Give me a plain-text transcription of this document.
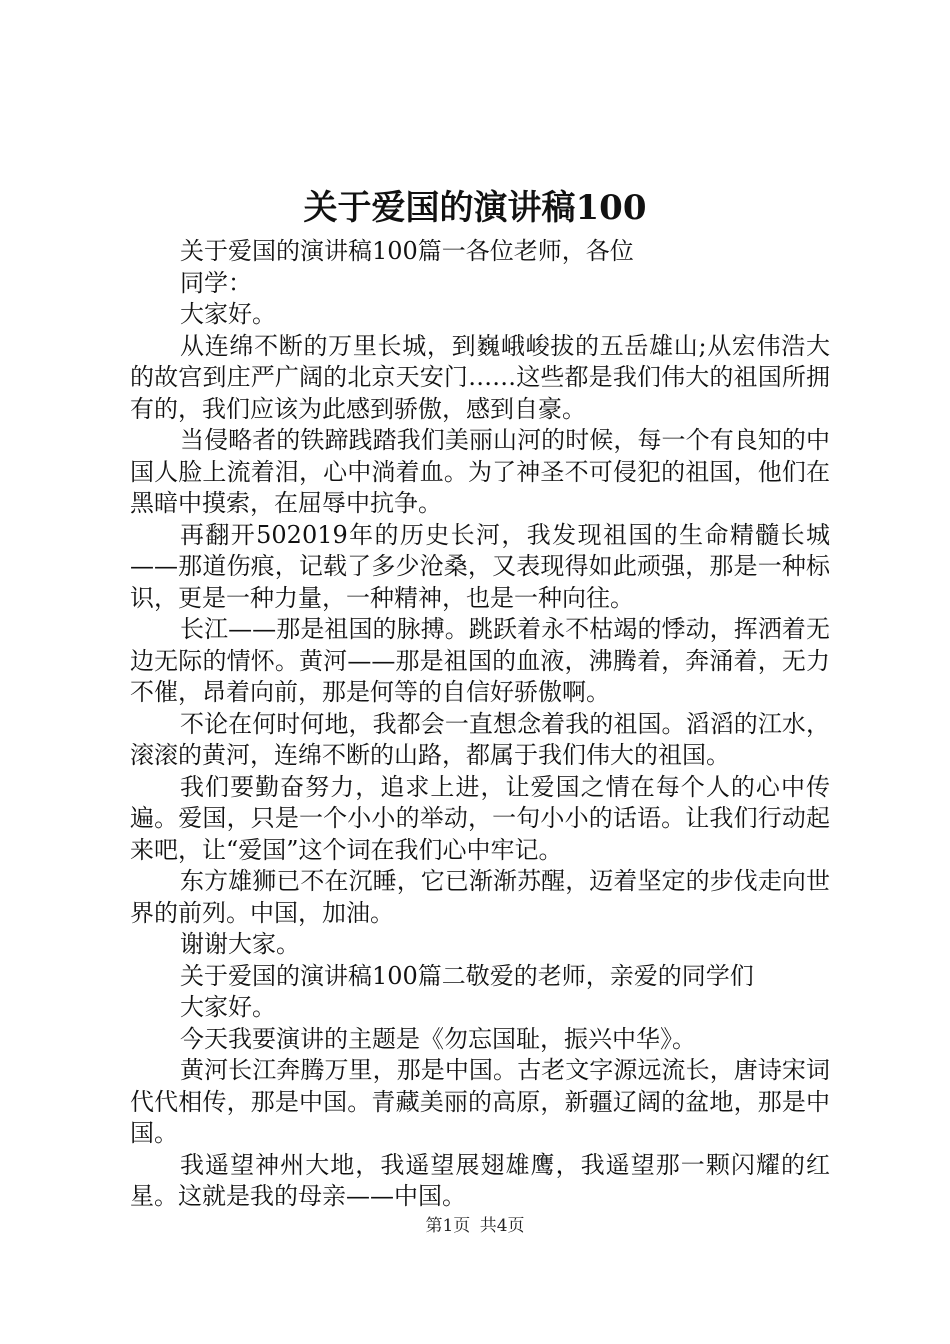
关于爱国的演讲稿100

关于爱国的演讲稿100篇一各位老师，各位

同学：

大家好。

从连绵不断的万里长城，到巍峨峻拔的五岳雄山;从宏伟浩大的故宫到庄严广阔的北京天安门……这些都是我们伟大的祖国所拥有的，我们应该为此感到骄傲，感到自豪。

当侵略者的铁蹄践踏我们美丽山河的时候，每一个有良知的中国人脸上流着泪，心中淌着血。为了神圣不可侵犯的祖国，他们在黑暗中摸索，在屈辱中抗争。

再翻开502019年的历史长河，我发现祖国的生命精髓长城——那道伤痕，记载了多少沧桑，又表现得如此顽强，那是一种标识，更是一种力量，一种精神，也是一种向往。

长江——那是祖国的脉搏。跳跃着永不枯竭的悸动，挥洒着无边无际的情怀。黄河——那是祖国的血液，沸腾着，奔涌着，无力不催，昂着向前，那是何等的自信好骄傲啊。

不论在何时何地，我都会一直想念着我的祖国。滔滔的江水，滚滚的黄河，连绵不断的山路，都属于我们伟大的祖国。

我们要勤奋努力，追求上进，让爱国之情在每个人的心中传遍。爱国，只是一个小小的举动，一句小小的话语。让我们行动起来吧，让“爱国”这个词在我们心中牢记。

东方雄狮已不在沉睡，它已渐渐苏醒，迈着坚定的步伐走向世界的前列。中国，加油。

谢谢大家。

关于爱国的演讲稿100篇二敬爱的老师，亲爱的同学们

大家好。

今天我要演讲的主题是《勿忘国耻，振兴中华》。

黄河长江奔腾万里，那是中国。古老文字源远流长，唐诗宋词代代相传，那是中国。青藏美丽的高原，新疆辽阔的盆地，那是中国。

我遥望神州大地，我遥望展翅雄鹰，我遥望那一颗闪耀的红星。这就是我的母亲——中国。

第1页 共4页
